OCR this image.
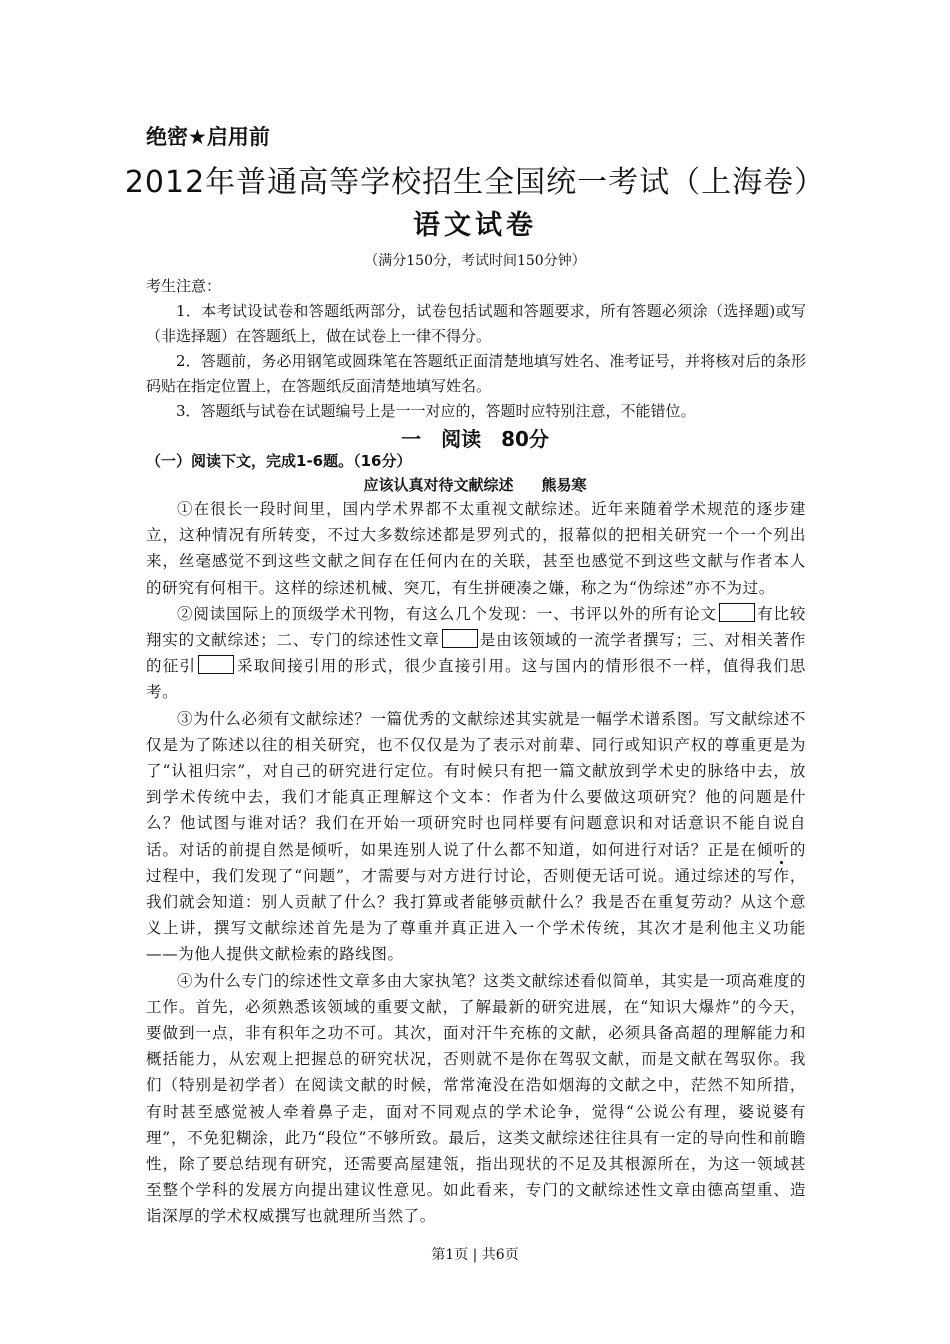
绝密★启用前
2012年普通高等学校招生全国统一考试（上海卷）
语文试卷
（满分150分，考试时间150分钟）
考生注意：

1．本考试设试卷和答题纸两部分，试卷包括试题和答题要求，所有答题必须涂（选择题)或写（非选择题）在答题纸上，做在试卷上一律不得分。

2．答题前，务必用钢笔或圆珠笔在答题纸正面清楚地填写姓名、准考证号，并将核对后的条形码贴在指定位置上，在答题纸反面清楚地填写姓名。

3．答题纸与试卷在试题编号上是一一对应的，答题时应特别注意，不能错位。

一　阅读　80分
（一）阅读下文，完成1-6题。（16分）
应该认真对待文献综述 熊易寒

①在很长一段时间里，国内学术界都不太重视文献综述。近年来随着学术规范的逐步建立，这种情况有所转变，不过大多数综述都是罗列式的，报幕似的把相关研究一个一个列出来，丝毫感觉不到这些文献之间存在任何内在的关联，甚至也感觉不到这些文献与作者本人的研究有何相干。这样的综述机械、突兀，有生拼硬凑之嫌，称之为“伪综述”亦不为过。

②阅读国际上的顶级学术刊物，有这么几个发现：一、书评以外的所有论文	有比较翔实的文献综述；二、专门的综述性文章	是由该领域的一流学者撰写；三、对相关著作的征引	采取间接引用的形式，很少直接引用。这与国内的情形很不一样，值得我们思考。

③为什么必须有文献综述？一篇优秀的文献综述其实就是一幅学术谱系图。写文献综述不仅是为了陈述以往的相关研究，也不仅仅是为了表示对前辈、同行或知识产权的尊重更是为了“认祖归宗”，对自己的研究进行定位。有时候只有把一篇文献放到学术史的脉络中去，放到学术传统中去，我们才能真正理解这个文本：作者为什么要做这项研究？他的问题是什么？他试图与谁对话？我们在开始一项研究时也同样要有问题意识和对话意识不能自说自话。对话的前提自然是倾听，如果连别人说了什么都不知道，如何进行对话？正是在倾听的过程中，我们发现了“问题”，才需要与对方进行讨论，否则便无话可说。通过综述的写作，我们就会知道：别人贡献了什么？我打算或者能够贡献什么？我是否在重复劳动？从这个意义上讲，撰写文献综述首先是为了尊重并真正进入一个学术传统，其次才是利他主义功能——为他人提供文献检索的路线图。

④为什么专门的综述性文章多由大家执笔？这类文献综述看似简单，其实是一项高难度的工作。首先，必须熟悉该领域的重要文献，了解最新的研究进展，在“知识大爆炸”的今天，要做到一点，非有积年之功不可。其次，面对汗牛充栋的文献，必须具备高超的理解能力和概括能力，从宏观上把握总的研究状况，否则就不是你在驾驭文献，而是文献在驾驭你。我们（特别是初学者）在阅读文献的时候，常常淹没在浩如烟海的文献之中，茫然不知所措，有时甚至感觉被人牵着鼻子走，面对不同观点的学术论争，觉得“公说公有理，婆说婆有理”，不免犯糊涂，此乃“段位”不够所致。最后，这类文献综述往往具有一定的导向性和前瞻性，除了要总结现有研究，还需要高屋建瓴，指出现状的不足及其根源所在，为这一领域甚至整个学科的发展方向提出建议性意见。如此看来，专门的文献综述性文章由德高望重、造诣深厚的学术权威撰写也就理所当然了。

第1页 | 共6页
